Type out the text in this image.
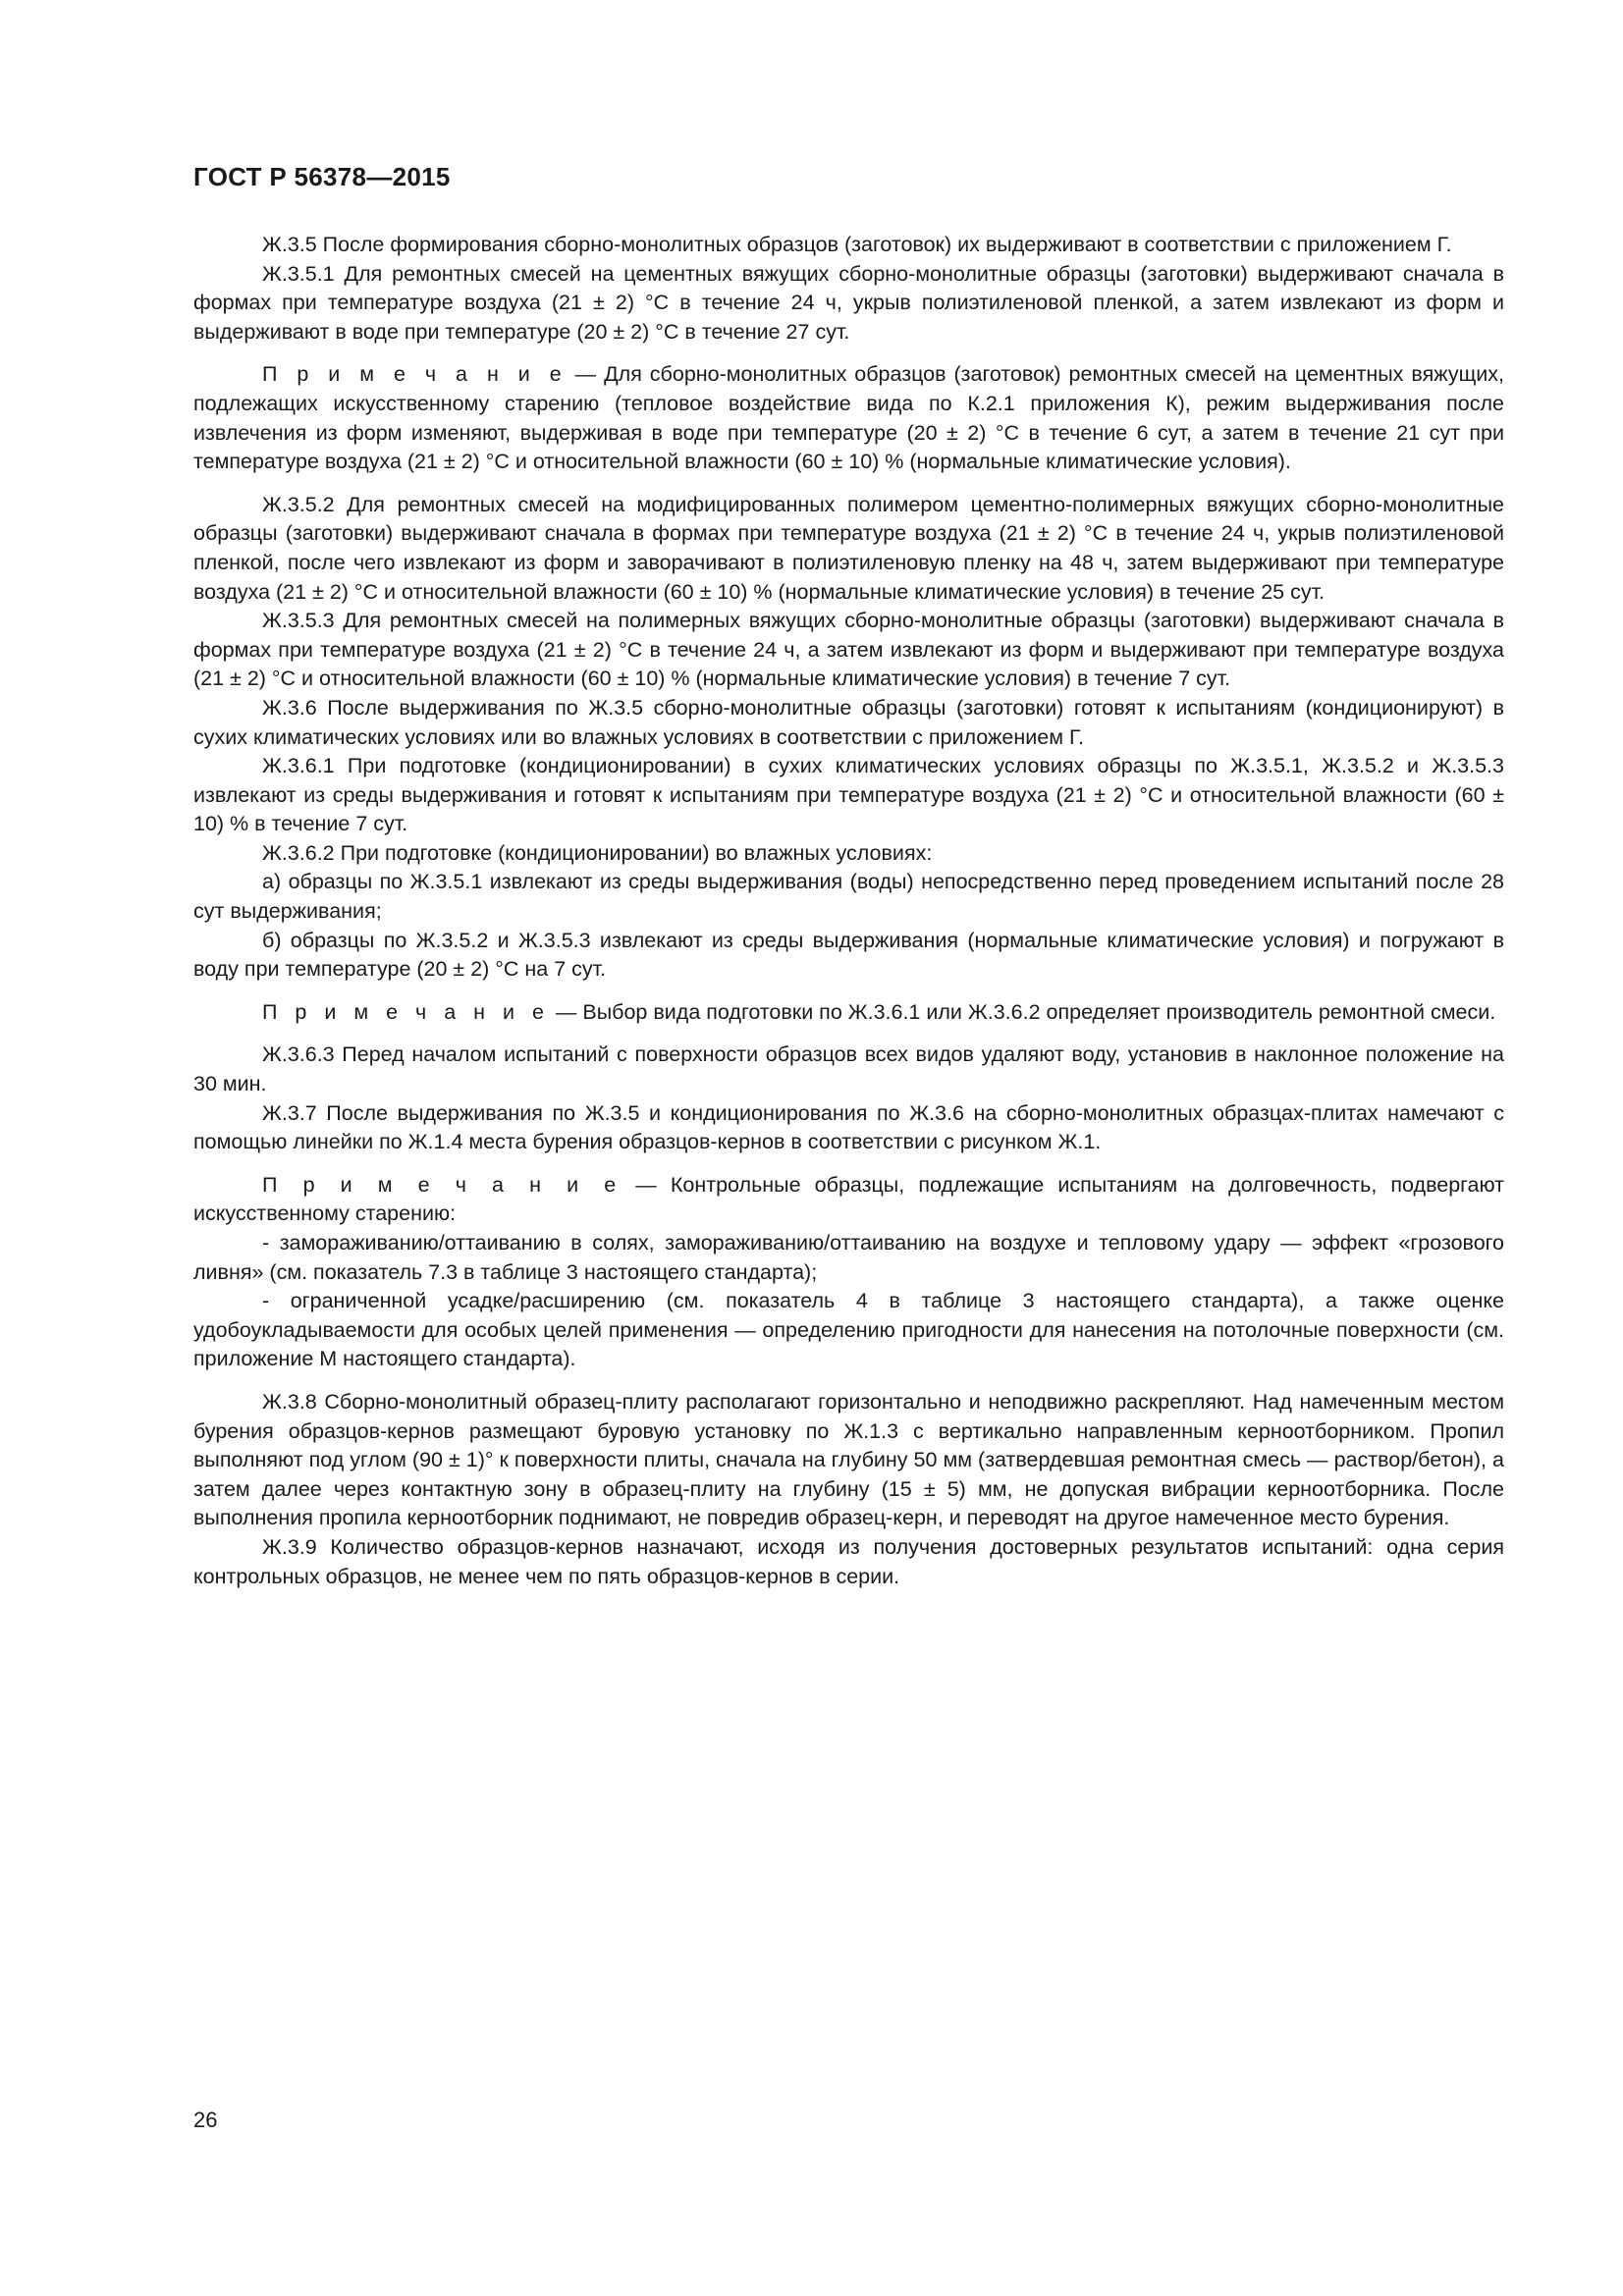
ГОСТ Р 56378—2015

Ж.3.5 После формирования сборно-монолитных образцов (заготовок) их выдерживают в соответствии с приложением Г.

Ж.3.5.1 Для ремонтных смесей на цементных вяжущих сборно-монолитные образцы (заготовки) выдерживают сначала в формах при температуре воздуха (21 ± 2) °С в течение 24 ч, укрыв полиэтиленовой пленкой, а затем извлекают из форм и выдерживают в воде при температуре (20 ± 2) °С в течение 27 сут.

П р и м е ч а н и е — Для сборно-монолитных образцов (заготовок) ремонтных смесей на цементных вяжущих, подлежащих искусственному старению (тепловое воздействие вида по К.2.1 приложения К), режим выдерживания после извлечения из форм изменяют, выдерживая в воде при температуре (20 ± 2) °С в течение 6 сут, а затем в течение 21 сут при температуре воздуха (21 ± 2) °С и относительной влажности (60 ± 10) % (нормальные климатические условия).

Ж.3.5.2 Для ремонтных смесей на модифицированных полимером цементно-полимерных вяжущих сборно-монолитные образцы (заготовки) выдерживают сначала в формах при температуре воздуха (21 ± 2) °С в течение 24 ч, укрыв полиэтиленовой пленкой, после чего извлекают из форм и заворачивают в полиэтиленовую пленку на 48 ч, затем выдерживают при температуре воздуха (21 ± 2) °С и относительной влажности (60 ± 10) % (нормальные климатические условия) в течение 25 сут.

Ж.3.5.3 Для ремонтных смесей на полимерных вяжущих сборно-монолитные образцы (заготовки) выдерживают сначала в формах при температуре воздуха (21 ± 2) °С в течение 24 ч, а затем извлекают из форм и выдерживают при температуре воздуха (21 ± 2) °С и относительной влажности (60 ± 10) % (нормальные климатические условия) в течение 7 сут.

Ж.3.6 После выдерживания по Ж.3.5 сборно-монолитные образцы (заготовки) готовят к испытаниям (кондиционируют) в сухих климатических условиях или во влажных условиях в соответствии с приложением Г.

Ж.3.6.1 При подготовке (кондиционировании) в сухих климатических условиях образцы по Ж.3.5.1, Ж.3.5.2 и Ж.3.5.3 извлекают из среды выдерживания и готовят к испытаниям при температуре воздуха (21 ± 2) °С и относительной влажности (60 ± 10) % в течение 7 сут.

Ж.3.6.2 При подготовке (кондиционировании) во влажных условиях:

а) образцы по Ж.3.5.1 извлекают из среды выдерживания (воды) непосредственно перед проведением испытаний после 28 сут выдерживания;

б) образцы по Ж.3.5.2 и Ж.3.5.3 извлекают из среды выдерживания (нормальные климатические условия) и погружают в воду при температуре (20 ± 2) °С на 7 сут.

П р и м е ч а н и е — Выбор вида подготовки по Ж.3.6.1 или Ж.3.6.2 определяет производитель ремонтной смеси.

Ж.3.6.3 Перед началом испытаний с поверхности образцов всех видов удаляют воду, установив в наклонное положение на 30 мин.

Ж.3.7 После выдерживания по Ж.3.5 и кондиционирования по Ж.3.6 на сборно-монолитных образцах-плитах намечают с помощью линейки по Ж.1.4 места бурения образцов-кернов в соответствии с рисунком Ж.1.

П р и м е ч а н и е — Контрольные образцы, подлежащие испытаниям на долговечность, подвергают искусственному старению:

- замораживанию/оттаиванию в солях, замораживанию/оттаиванию на воздухе и тепловому удару — эффект «грозового ливня» (см. показатель 7.3 в таблице 3 настоящего стандарта);

- ограниченной усадке/расширению (см. показатель 4 в таблице 3 настоящего стандарта), а также оценке удобоукладываемости для особых целей применения — определению пригодности для нанесения на потолочные поверхности (см. приложение М настоящего стандарта).

Ж.3.8 Сборно-монолитный образец-плиту располагают горизонтально и неподвижно раскрепляют. Над намеченным местом бурения образцов-кернов размещают буровую установку по Ж.1.3 с вертикально направленным керноотборником. Пропил выполняют под углом (90 ± 1)° к поверхности плиты, сначала на глубину 50 мм (затвердевшая ремонтная смесь — раствор/бетон), а затем далее через контактную зону в образец-плиту на глубину (15 ± 5) мм, не допуская вибрации керноотборника. После выполнения пропила керноотборник поднимают, не повредив образец-керн, и переводят на другое намеченное место бурения.

Ж.3.9 Количество образцов-кернов назначают, исходя из получения достоверных результатов испытаний: одна серия контрольных образцов, не менее чем по пять образцов-кернов в серии.

26
